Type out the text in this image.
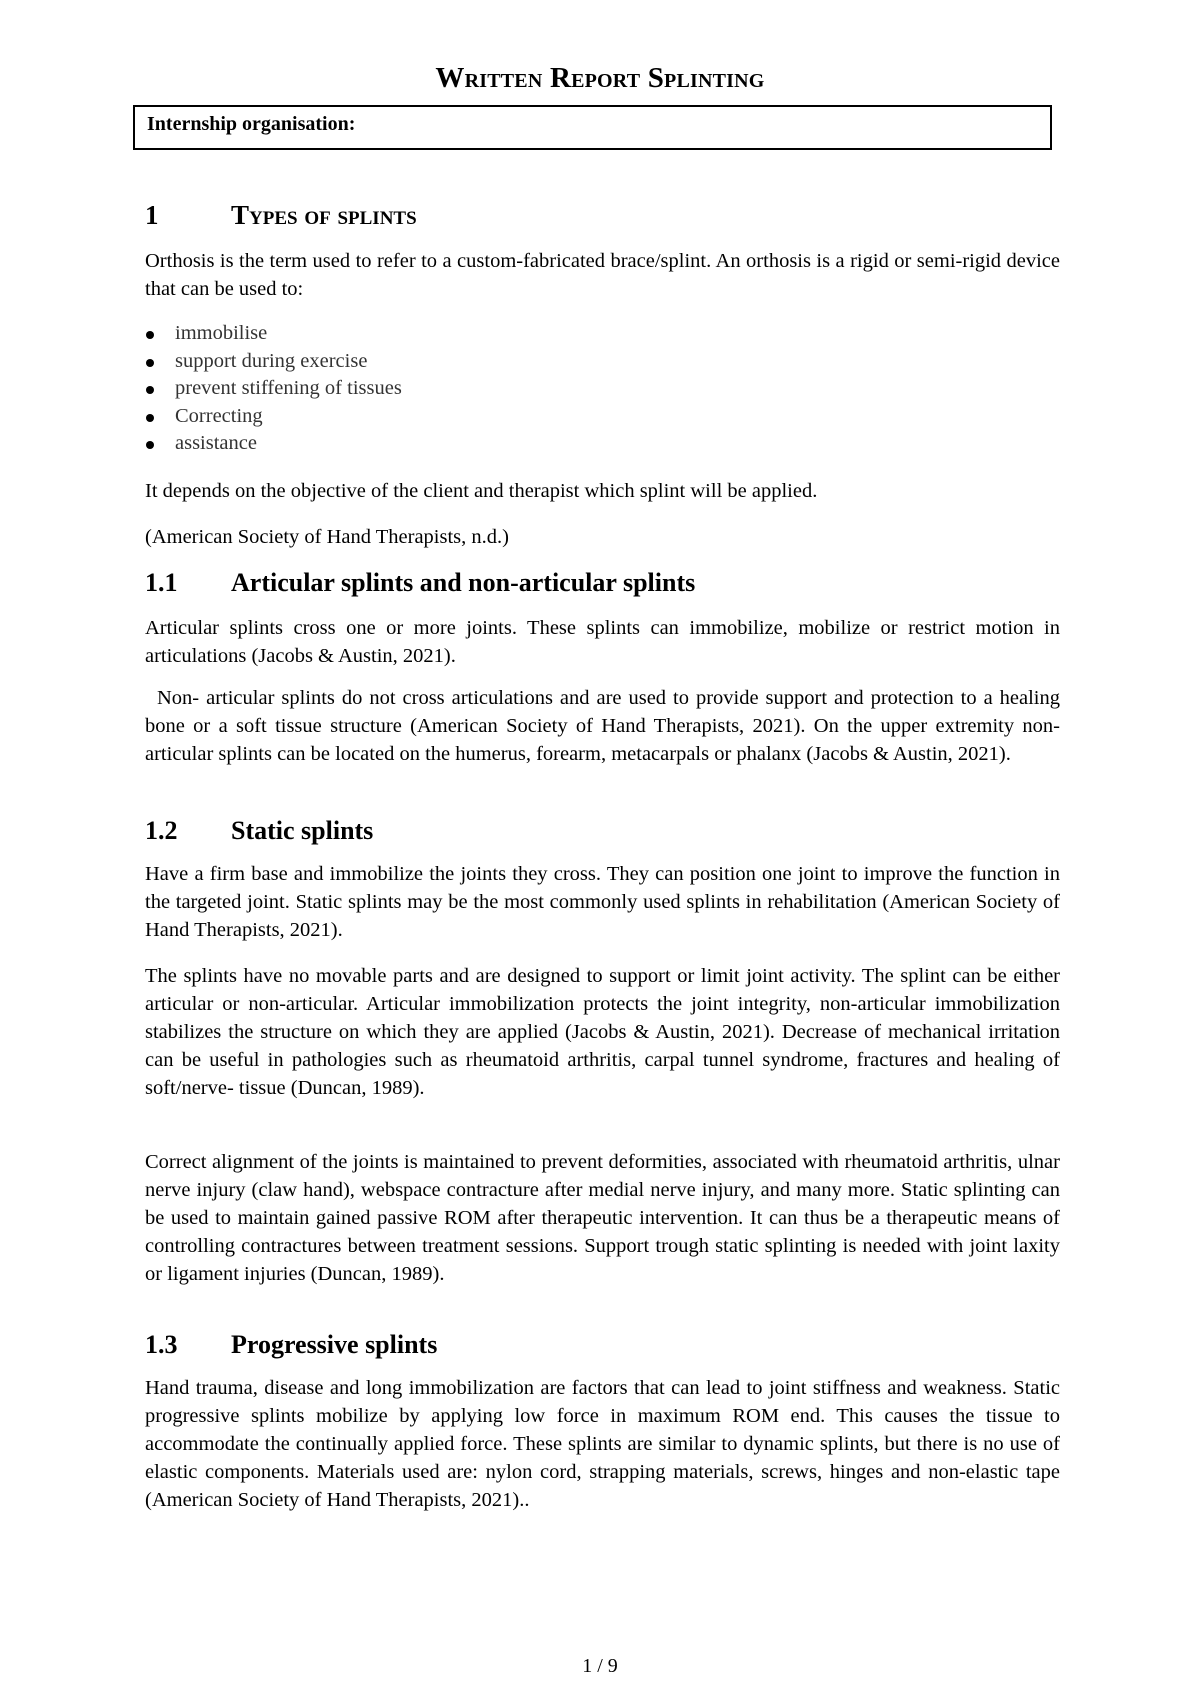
Written Report Splinting
Internship organisation:
1	Types of splints

Orthosis is the term used to refer to a custom-fabricated brace/splint. An orthosis is a rigid or semi-rigid device that can be used to:

immobilise
support during exercise
prevent stiffening of tissues
Correcting
assistance

It depends on the objective of the client and therapist which splint will be applied.

(American Society of Hand Therapists, n.d.)

1.1	Articular splints and non-articular splints

Articular splints cross one or more joints. These splints can immobilize, mobilize or restrict motion in articulations (Jacobs & Austin, 2021).

Non- articular splints do not cross articulations and are used to provide support and protection to a healing bone or a soft tissue structure (American Society of Hand Therapists, 2021). On the upper extremity non-articular splints can be located on the humerus, forearm, metacarpals or phalanx (Jacobs & Austin, 2021).

1.2	Static splints

Have a firm base and immobilize the joints they cross. They can position one joint to improve the function in the targeted joint. Static splints may be the most commonly used splints in rehabilitation (American Society of Hand Therapists, 2021).

The splints have no movable parts and are designed to support or limit joint activity. The splint can be either articular or non-articular. Articular immobilization protects the joint integrity, non-articular immobilization stabilizes the structure on which they are applied (Jacobs & Austin, 2021). Decrease of mechanical irritation can be useful in pathologies such as rheumatoid arthritis, carpal tunnel syndrome, fractures and healing of soft/nerve- tissue (Duncan, 1989).

Correct alignment of the joints is maintained to prevent deformities, associated with rheumatoid arthritis, ulnar nerve injury (claw hand), webspace contracture after medial nerve injury, and many more. Static splinting can be used to maintain gained passive ROM after therapeutic intervention. It can thus be a therapeutic means of controlling contractures between treatment sessions. Support trough static splinting is needed with joint laxity or ligament injuries (Duncan, 1989).

1.3	Progressive splints

Hand trauma, disease and long immobilization are factors that can lead to joint stiffness and weakness. Static progressive splints mobilize by applying low force in maximum ROM end. This causes the tissue to accommodate the continually applied force. These splints are similar to dynamic splints, but there is no use of elastic components. Materials used are: nylon cord, strapping materials, screws, hinges and non-elastic tape (American Society of Hand Therapists, 2021)..

1 / 9
